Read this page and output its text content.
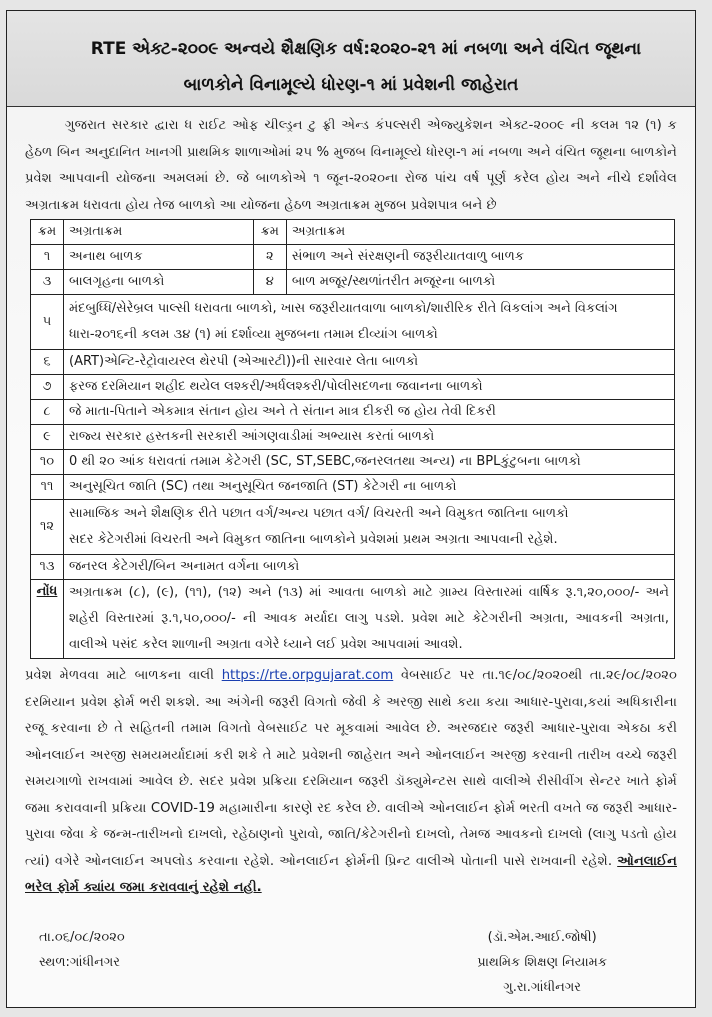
RTE એક્ટ-૨૦૦૯ અન્વયે શૈક્ષણિક વર્ષ:૨૦૨૦-૨૧ માં નબળા અને વંચિત જૂથના
બાળકોને વિનામૂલ્યે ધોરણ-૧ માં પ્રવેશની જાહેરાત
ગુજરાત સરકાર દ્વારા ધ રાઈટ ઓફ ચીલ્ડ્રન ટુ ફ્રી એન્ડ કંપલ્સરી એજ્યુકેશન એક્ટ-૨૦૦૯ ની કલમ ૧૨ (૧) ક હેઠળ બિન અનુદાનિત ખાનગી પ્રાથમિક શાળાઓમાં ૨૫ % મુજબ વિનામૂલ્યે ધોરણ-૧ માં નબળા અને વંચિત જૂથના બાળકોને પ્રવેશ આપવાની યોજના અમલમાં છે. જે બાળકોએ ૧ જૂન-૨૦૨૦ના રોજ પાંચ વર્ષ પૂર્ણ કરેલ હોય અને નીચે દર્શાવેલ અગ્રતાક્રમ ધરાવતા હોય તેજ બાળકો આ યોજના હેઠળ અગ્રતાક્રમ મુજબ પ્રવેશપાત્ર બને છે
ક્રમ	અગ્રતાક્રમ	ક્રમ	અગ્રતાક્રમ
૧	અનાથ બાળક	૨	સંભાળ અને સંરક્ષણની જરૂરીયાતવાળુ બાળક
૩	બાલગૃહના બાળકો	૪	બાળ મજૂર/સ્થળાંતરીત મજૂરના બાળકો
૫	મંદબુધ્ધિ/સેરેબ્રલ પાલ્સી ધરાવતા બાળકો, ખાસ જરૂરીયાતવાળા બાળકો/શારીરિક રીતે વિકલાંગ અને વિકલાંગ ધારા-૨૦૧૬ની કલમ ૩૪ (૧) માં દર્શાવ્યા મુજબના તમામ દીવ્યાંગ બાળકો		
૬	(ART)એન્ટિ-રેટ્રોવાયરલ થેરપી (એઆરટી))ની સારવાર લેતા બાળકો		
૭	ફરજ દરમિયાન શહીદ થયેલ લશ્કરી/અર્ધલશ્કરી/પોલીસદળના જવાનના બાળકો		
૮	જે માતા-પિતાને એકમાત્ર સંતાન હોય અને તે સંતાન માત્ર દીકરી જ હોય તેવી દિકરી		
૯	રાજ્ય સરકાર હસ્તકની સરકારી આંગણવાડીમાં અભ્યાસ કરતાં બાળકો		
૧૦	0 થી ૨૦ આંક ધરાવતાં તમામ કેટેગરી (SC, ST,SEBC,જનરલતથા અન્ય) ના BPLકુંટુબના બાળકો		
૧૧	અનુસૂચિત જાતિ (SC) તથા અનુસૂચિત જનજાતિ (ST) કેટેગરી ના બાળકો		
૧૨	સામાજિક અને શૈક્ષણિક રીતે પછાત વર્ગ/અન્ય પછાત વર્ગ/ વિચરતી અને વિમુકત જાતિના બાળકો
સદર કેટેગરીમાં વિચરતી અને વિમુકત જાતિના બાળકોને પ્રવેશમાં પ્રથમ અગ્રતા આપવાની રહેશે.		

૧૩	જનરલ કેટેગરી/બિન અનામત વર્ગના બાળકો		
નોંધ	અગ્રતાક્રમ (૮), (૯), (૧૧), (૧૨) અને (૧૩) માં આવતા બાળકો માટે ગ્રામ્ય વિસ્તારમાં વાર્ષિક રૂ.૧,૨૦,૦૦૦/- અને શહેરી વિસ્તારમાં રૂ.૧,૫૦,૦૦૦/- ની આવક મર્યાદા લાગુ પડશે. પ્રવેશ માટે કેટેગરીની અગ્રતા, આવકની અગ્રતા, વાલીએ પસંદ કરેલ શાળાની અગ્રતા વગેરે ધ્યાને લઈ પ્રવેશ આપવામાં આવશે.		
પ્રવેશ મેળવવા માટે બાળકના વાલી https://rte.orpgujarat.com વેબસાઈટ પર તા.૧૯/૦૮/૨૦૨૦થી તા.૨૯/૦૮/૨૦૨૦ દરમિયાન પ્રવેશ ફોર્મ ભરી શકશે. આ અંગેની જરૂરી વિગતો જેવી કે અરજી સાથે કયા કયા આધાર-પુરાવા,કયાં અધિકારીના રજૂ કરવાના છે તે સહિતની તમામ વિગતો વેબસાઈટ પર મૂકવામાં આવેલ છે. અરજદાર જરૂરી આધાર-પુરાવા એકઠા કરી ઓનલાઈન અરજી સમયમર્યાદામાં કરી શકે તે માટે પ્રવેશની જાહેરાત અને ઓનલાઈન અરજી કરવાની તારીખ વચ્ચે જરૂરી સમયગાળો રાખવામાં આવેલ છે. સદર પ્રવેશ પ્રક્રિયા દરમિયાન જરૂરી ડૉક્યુમેન્ટસ સાથે વાલીએ રીસીવીંગ સેન્ટર ખાતે ફોર્મ જમા કરાવવાની પ્રક્રિયા COVID-19 મહામારીના કારણે રદ કરેલ છે. વાલીએ ઓનલાઈન ફોર્મ ભરતી વખતે જ જરૂરી આધાર-પુરાવા જેવા કે જન્મ-તારીખનો દાખલો, રહેઠાણનો પુરાવો, જાતિ/કેટેગરીનો દાખલો, તેમજ આવકનો દાખલો (લાગુ પડતો હોય ત્યાં) વગેરે ઓનલાઈન અપલોડ કરવાના રહેશે. ઓનલાઈન ફોર્મની પ્રિન્ટ વાલીએ પોતાની પાસે રાખવાની રહેશે. ઓનલાઈન ભરેલ ફોર્મ ક્યાંય જમા કરાવવાનું રહેશે નહી.
તા.૦૬/૦૮/૨૦૨૦
સ્થળ:ગાંધીનગર
(ડૉ.એમ.આઈ.જોષી)
પ્રાથમિક શિક્ષણ નિયામક
ગુ.રા.ગાંધીનગર
